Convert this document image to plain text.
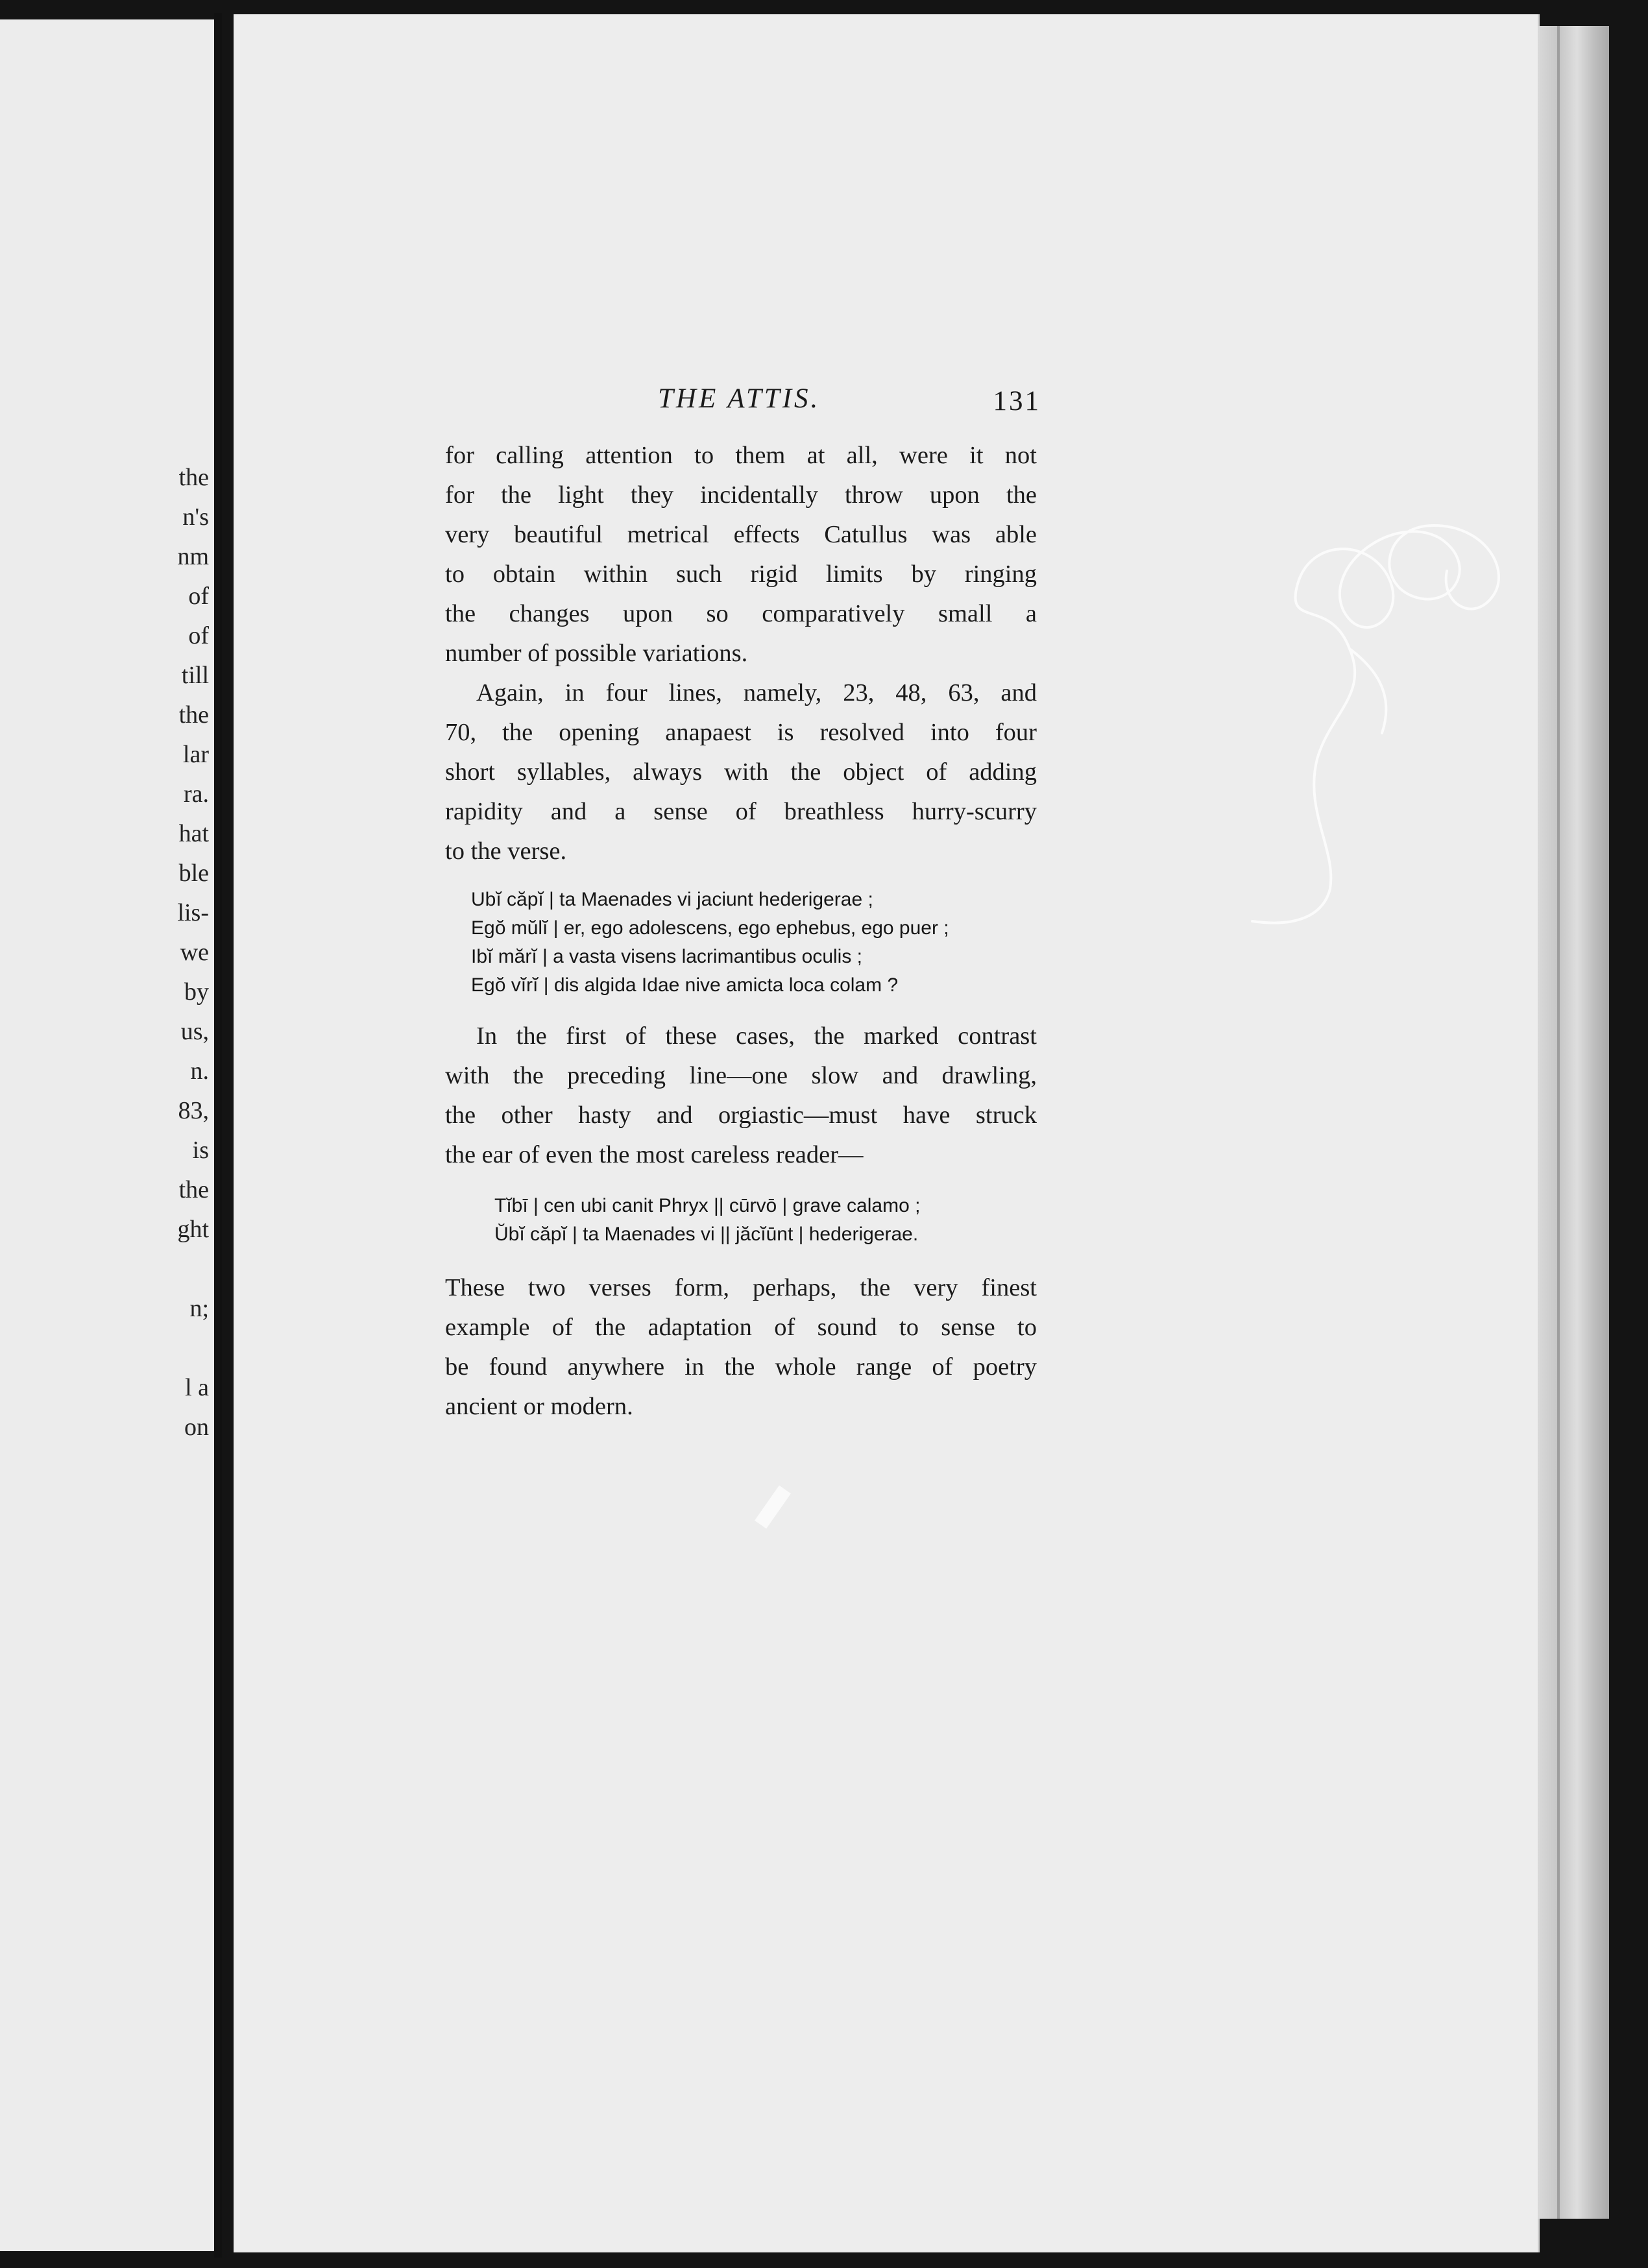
the
n's
nm
of
of
till
the
lar
ra.
hat
ble
lis-
we
by
us,
n.
83,
is
the
ght
n;
l a
on
THE ATTIS.	131
for calling attention to them at all, were it not
for the light they incidentally throw upon the
very beautiful metrical effects Catullus was able
to obtain within such rigid limits by ringing
the changes upon so comparatively small a
number of possible variations.
Again, in four lines, namely, 23, 48, 63, and
70, the opening anapaest is resolved into four
short syllables, always with the object of adding
rapidity and a sense of breathless hurry-scurry
to the verse.
Ubĭ căpĭ | ta Maenades vi jaciunt hederigerae ;
Egŏ mŭlĭ | er, ego adolescens, ego ephebus, ego puer ;
Ibĭ mărĭ | a vasta visens lacrimantibus oculis ;
Egŏ vĭrĭ | dis algida Idae nive amicta loca colam ?
In the first of these cases, the marked contrast
with the preceding line—one slow and drawling,
the other hasty and orgiastic—must have struck
the ear of even the most careless reader—
Tĭbī | cen ubi canit Phryx || cūrvō | grave calamo ;
Ŭbĭ căpĭ | ta Maenades vi || jăcĭūnt | hederigerae.
These two verses form, perhaps, the very finest
example of the adaptation of sound to sense to
be found anywhere in the whole range of poetry
ancient or modern.
